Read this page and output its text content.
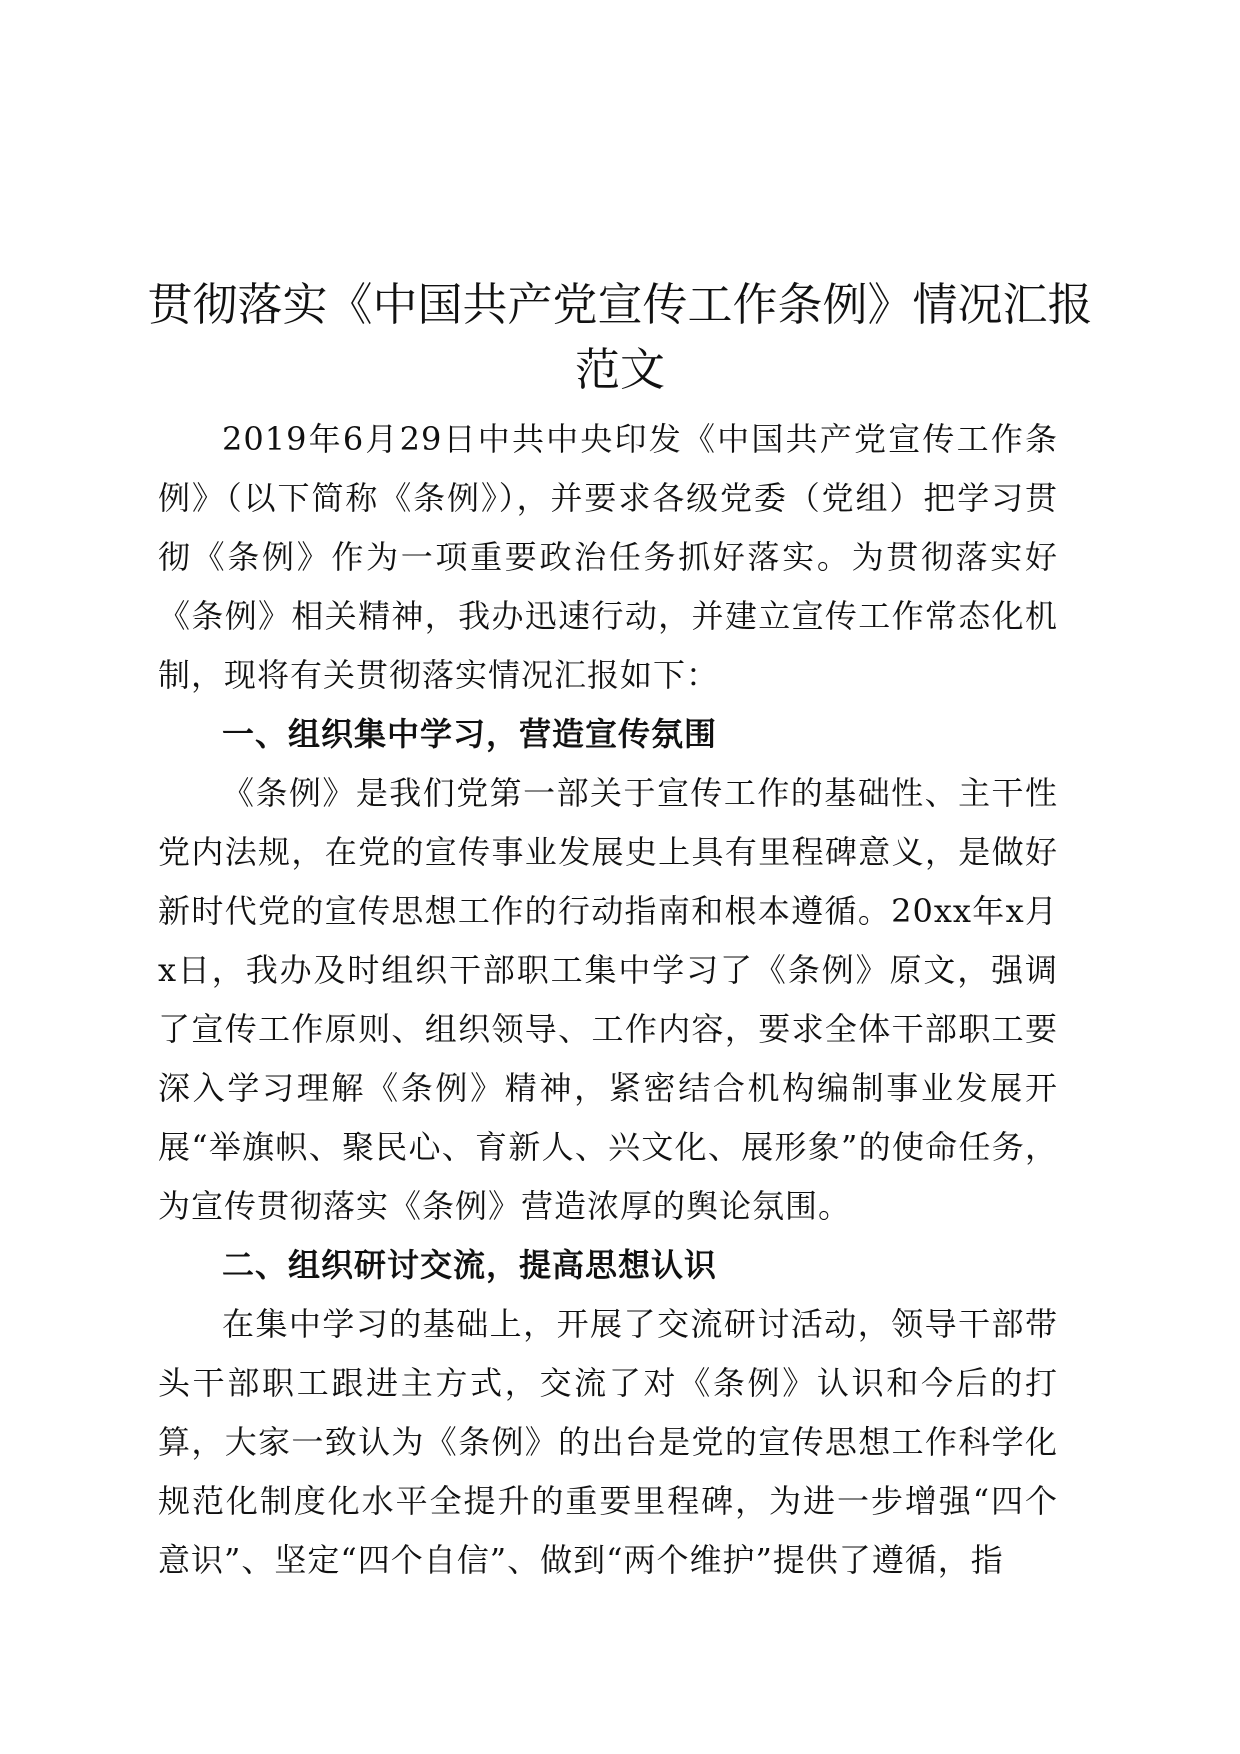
贯彻落实《中国共产党宣传工作条例》情况汇报范文

2019年6月29日中共中央印发《中国共产党宣传工作条例》（以下简称《条例》），并要求各级党委（党组）把学习贯彻《条例》作为一项重要政治任务抓好落实。为贯彻落实好《条例》相关精神，我办迅速行动，并建立宣传工作常态化机制，现将有关贯彻落实情况汇报如下：

一、组织集中学习，营造宣传氛围

《条例》是我们党第一部关于宣传工作的基础性、主干性党内法规，在党的宣传事业发展史上具有里程碑意义，是做好新时代党的宣传思想工作的行动指南和根本遵循。20xx年x月x日，我办及时组织干部职工集中学习了《条例》原文，强调了宣传工作原则、组织领导、工作内容，要求全体干部职工要深入学习理解《条例》精神，紧密结合机构编制事业发展开展“举旗帜、聚民心、育新人、兴文化、展形象”的使命任务，为宣传贯彻落实《条例》营造浓厚的舆论氛围。

二、组织研讨交流，提高思想认识

在集中学习的基础上，开展了交流研讨活动，领导干部带头干部职工跟进主方式，交流了对《条例》认识和今后的打算，大家一致认为《条例》的出台是党的宣传思想工作科学化规范化制度化水平全提升的重要里程碑，为进一步增强“四个意识”、坚定“四个自信”、做到“两个维护”提供了遵循，指
